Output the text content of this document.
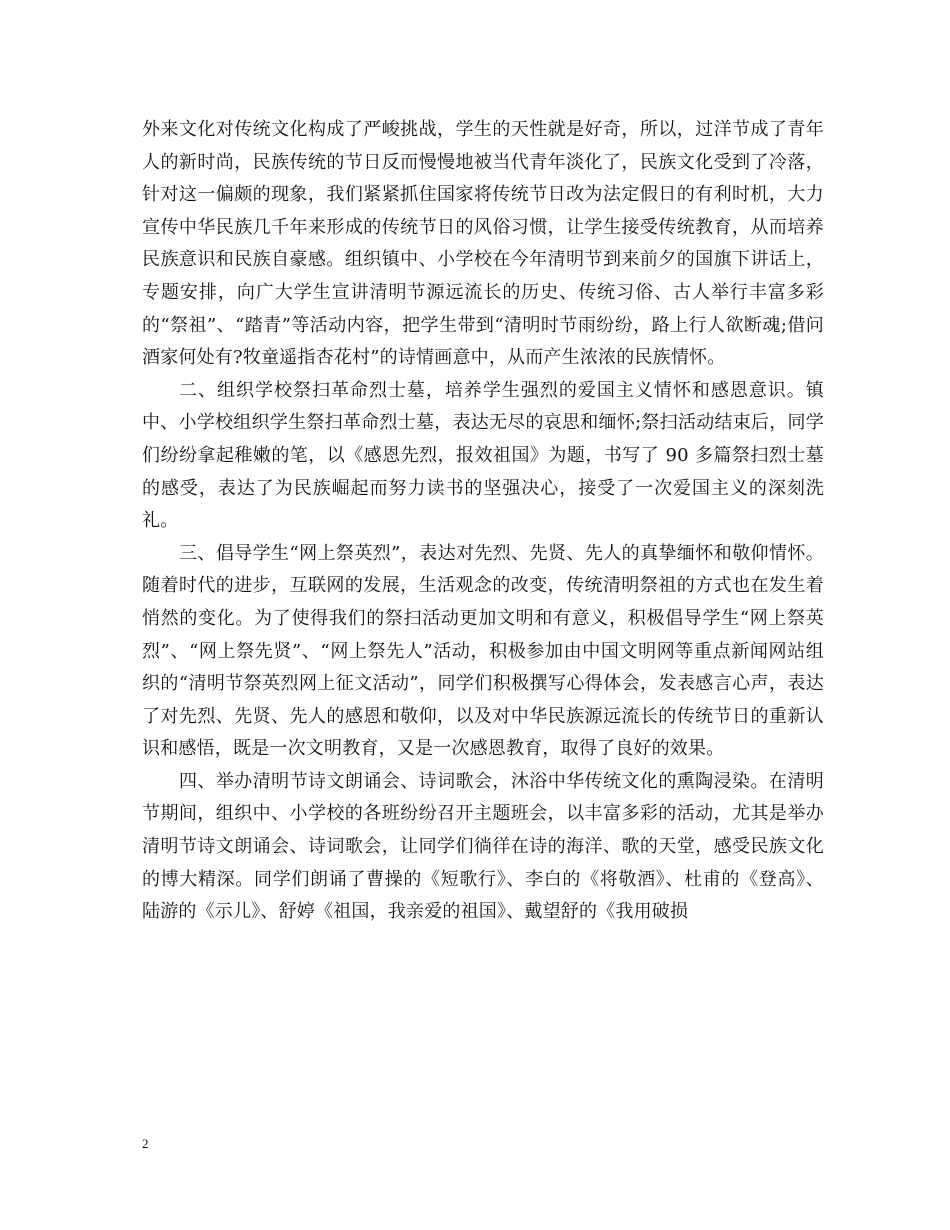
外来文化对传统文化构成了严峻挑战，学生的天性就是好奇，所以，过洋节成了青年人的新时尚，民族传统的节日反而慢慢地被当代青年淡化了，民族文化受到了冷落，针对这一偏颇的现象，我们紧紧抓住国家将传统节日改为法定假日的有利时机，大力宣传中华民族几千年来形成的传统节日的风俗习惯，让学生接受传统教育，从而培养民族意识和民族自豪感。组织镇中、小学校在今年清明节到来前夕的国旗下讲话上，专题安排，向广大学生宣讲清明节源远流长的历史、传统习俗、古人举行丰富多彩的“祭祖”、“踏青”等活动内容，把学生带到“清明时节雨纷纷，路上行人欲断魂;借问酒家何处有?牧童遥指杏花村”的诗情画意中，从而产生浓浓的民族情怀。

二、组织学校祭扫革命烈士墓，培养学生强烈的爱国主义情怀和感恩意识。镇中、小学校组织学生祭扫革命烈士墓，表达无尽的哀思和缅怀;祭扫活动结束后，同学们纷纷拿起稚嫩的笔，以《感恩先烈，报效祖国》为题，书写了 90 多篇祭扫烈士墓的感受，表达了为民族崛起而努力读书的坚强决心，接受了一次爱国主义的深刻洗礼。

三、倡导学生“网上祭英烈”，表达对先烈、先贤、先人的真挚缅怀和敬仰情怀。随着时代的进步，互联网的发展，生活观念的改变，传统清明祭祖的方式也在发生着悄然的变化。为了使得我们的祭扫活动更加文明和有意义，积极倡导学生“网上祭英烈”、“网上祭先贤”、“网上祭先人”活动，积极参加由中国文明网等重点新闻网站组织的“清明节祭英烈网上征文活动”，同学们积极撰写心得体会，发表感言心声，表达了对先烈、先贤、先人的感恩和敬仰，以及对中华民族源远流长的传统节日的重新认识和感悟，既是一次文明教育，又是一次感恩教育，取得了良好的效果。

四、举办清明节诗文朗诵会、诗词歌会，沐浴中华传统文化的熏陶浸染。在清明节期间，组织中、小学校的各班纷纷召开主题班会，以丰富多彩的活动，尤其是举办清明节诗文朗诵会、诗词歌会，让同学们徜徉在诗的海洋、歌的天堂，感受民族文化的博大精深。同学们朗诵了曹操的《短歌行》、李白的《将敬酒》、杜甫的《登高》、陆游的《示儿》、舒婷《祖国，我亲爱的祖国》、戴望舒的《我用破损

2
